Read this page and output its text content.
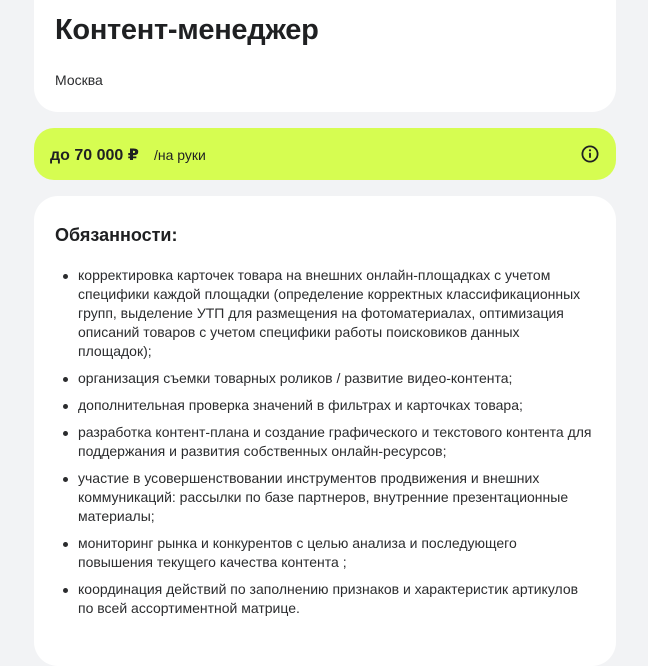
Контент-менеджер
Москва
до 70 000 ₽ /на руки
Обязанности:
корректировка карточек товара на внешних онлайн-площадках с учетом специфики каждой площадки (определение корректных классификационных групп, выделение УТП для размещения на фотоматериалах, оптимизация описаний товаров с учетом специфики работы поисковиков данных площадок);
организация съемки товарных роликов / развитие видео-контента;
дополнительная проверка значений в фильтрах и карточках товара;
разработка контент-плана и создание графического и текстового контента для поддержания и развития собственных онлайн-ресурсов;
участие в усовершенствовании инструментов продвижения и внешних коммуникаций: рассылки по базе партнеров, внутренние презентационные материалы;
мониторинг рынка и конкурентов с целью анализа и последующего повышения текущего качества контента ;
координация действий по заполнению признаков и характеристик артикулов по всей ассортиментной матрице.
